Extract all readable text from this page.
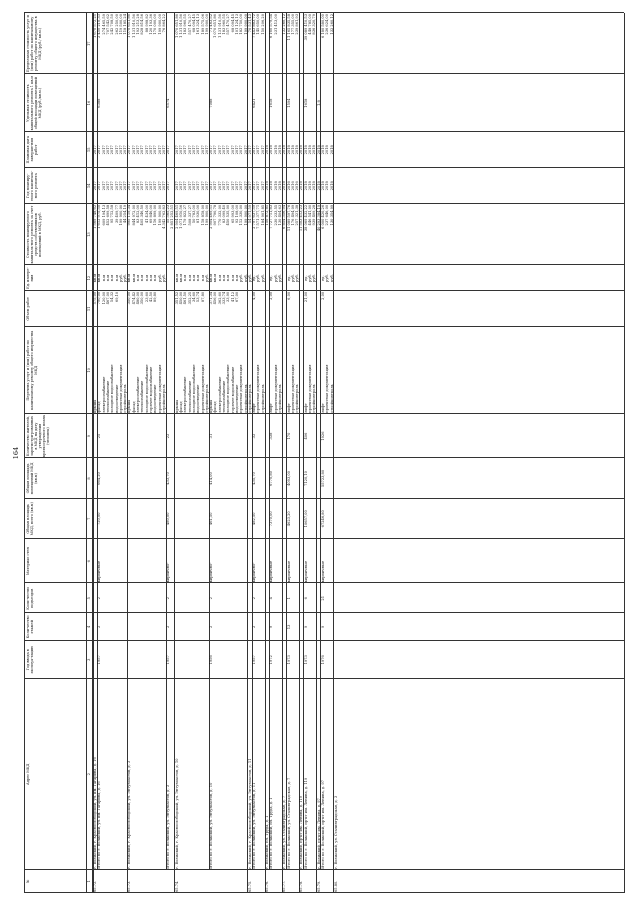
164
№
Адрес МКД
Год ввода в эксплуа-тацию
Коли-чество этажей
Коли-чество подъездов
Материал стен
Общая площадь МКД, всего (кв.м)
Общая площадь помещений МКД (кв.м)
Количество жителей, зарегистри-рованных в МКД на дату утверждения краткосрочного плана (человек)
Перечень услуг и (или) работ по капитальному ремонту общего имущества МКД
Объем работ
Ед. измере-ния
Стоимость планируемого капиталь-ного ремонта за счет средств собственников помещений в МКД, руб.
Год планиру-емого капиталь-ного ремонта
Плановая дата заверше-ния работ
Удельная стоимость капитального ремонта 1 кв.м общей площади помещений МКД (руб./кв.м.)
Предельная стоимость услуг и (или) работ по капитальному ремонту общего имущества в МКД (руб./ кв.м.)
1
2
3
4
5
6
7
8
9
10
11
12
13
14
15
16
17
65.72.
г. Волжский, г. Краснослободский, ул. им. Гагарина, д. 16
крыша
575,00
кв.м
1 569 748,62
2017
2017
1 670 572,25
Итого по г. Волжский, ул. им. Гагарина, д. 16
1957
2
2
кирпичные
720,00
664,20
25
6388
фасад электроснабжение теплоснабжение холодное водоснабжение водоотведение проектная документация стройконтроль
790,00 120,00 467,00 54,32 69,10
кв.м п.м п.м п.м п.м руб. руб.
1 612 975,50 609 194,13 452 699,58 95 712,58 39 409,77 199 900,00 44 254,19
2017 2017 2017 2017 2017 2017 2017
2017 2017 2017 2017 2017 2017 2017
2 450 210,33 274 465,59 707 542,62 242 708,50 262 250,00 119 500,00 118 185,24
65.73.
г. Волжский, г. Краснослободский, ул. Энтузиастов, д. 3
крыша фасад электроснабжение теплоснабжение холодное водоснабжение горячее водоснабжение водоотведение проектная документация стройконтроль
350,00 474,42 480,00 350,00 23,60 42,50 89,80
кв.м кв.м п.м п.м п.м п.м п.м руб. руб.
995 119,34 844 972,00 83 412,00 405 346,50 41 434,00 69 846,00 116 899,00 199 900,00 4 342 762,83
2017 2017 2017 2017 2017 2017 2017 2017 2017
2017 2017 2017 2017 2017 2017 2017 2017 2017
1 070 651,86 1 131 910,56 193 213,28 828 814,56 88 998,82 120 193,36 170 000,00 199 900,00 76 864,22
Итого по г. Волжский, ул. Энтузиастов, д. 3
1957
2
2
кирпично-
480,00
433,70
22
6574
55 565,23 2 851 252,51
2017
2017
65.74.
г. Волжский, г. Краснослободский, ул. Энтузиастов, д. 10
крыша фасад электроснабжение теплоснабжение холодное водоснабжение водоотведение проектная документация стройконтроль
351,52 450,00 461,50 352,25 34,60 53,74 87,80
кв.м кв.м п.м п.м п.м п.м п.м руб.
2 904 469,51 1 071 910,56 179 822,27 508 337,27 50 783,00 81 930,00 118 818,00 199 900,00
2017 2017 2017 2017 2017 2017 2017 2017
2017 2017 2017 2017 2017 2017 2017 2017
1 070 651,86 1 131 910,56 183 960,55 557 470,27 68 094,45 161 324,13 189 575,06 199 900,00
Итого по г. Волжский, ул. Энтузиастов, д. 10
1956
2
2
кирпично-
461,50
414,00
31
7088
крыша фасад электроснабжение теплоснабжение холодное водоснабжение горячее водоснабжение водоотведение проектная документация стройконтроль
371,34 456,00 362,60 333,74 33,90 41,12 67,00
кв.м кв.м п.м п.м п.м п.м п.м руб. руб.
2 904 469,51 907 790,78 770 332,00 83 099,40 450 535,00 65 993,00 92 108,00 112 330,00 199 900,00
2017 2017 2017 2017 2017 2017 2017 2017 2017
2017 2017 2017 2017 2017 2017 2017 2017 2017
71 463,52 1 070 651,86 1 131 910,56 183 960,55 557 470,27 68 094,45 101 124,13 182 750,00 199 900,00
65.75.
г. Волжский, г. Краснослободский, ул. Энтузиастов, д. 11
стройконтроль
руб.
54 971,59
2017
2017
70 531,43
Итого по г. Волжский, ул. Энтузиастов, д. 11
1957
2
2
кирпично-
482,50
435,70
32
6421
лифт проектная документация стройконтроль
4,00
ед. руб. руб.
2 797 637,59 7 571 377,71 184 901,85
2017 2017 2017
2017 2017 2017
7 443 883,72 145 650,00 150 206,20
65.76.
г. Волжский, пл. Труда, д. 1
150 872,85
2018
2018
Итого по г. Волжский, пл. Труда, д. 1
1972
9
4
кирпичные
7370,00
6770,80
338
1618
лифт проектная документация стройконтроль
2,00
ед. руб. руб.
7 727 711,83 230 233,55 130 404,63
2018 2018 2018
2018 2018 2018
6 160 579,54 231 413,00
65.77.
г. Волжский, ул. Сталинградская, д. 7
6 854 356,94
2018
2018
132 260,12
Итого по г. Волжский, ул. Сталинградская, д. 7
1973
13
1
кирпичные
4623,20
4093,00
170
1594
лифт проектная документация стройконтроль
6,00
ед. руб. руб.
11 089 597,76 176 494,09 257 321,38
2016 2016 2016
2018 2018 2018
11 165 835,58 177 355,00 239 861,93
65.78.
г. Волжский, пр-кт им. Ленина, д. 119
11 503 413,23
2018
2018
Итого по г. Волжский, пр-кт им. Ленина, д. 119
1973
9
6
кирпичные
10657,00
7120,10
406
1618
лифт проектная документация стройконтроль
21,00
ед. руб. руб.
38 069 432,22 446 541,00 939 409,28
2018 2018 2018
2018 2018 2018
39 089 410,53 448 785,00 836 320,79
65.79.
г. Волжский, пр-кт им. Ленина, д. 97
1,8
40 293 384,19
2018
2018
Итого по г. Волжский, пр-кт им. Ленина, д. 97
1976
9
21
кирпичные
67246,80
55723,80
1926
лифт проектная документация стройконтроль
2,00
ед. руб. руб.
6 000 420,26 237 646,00 130 354,99
2018 2018 2018
2018 2018 2018
6 180 580,00 236 624,00 132 260,12
65.80.
г. Волжский, ул. Сталинградская, д. 3
